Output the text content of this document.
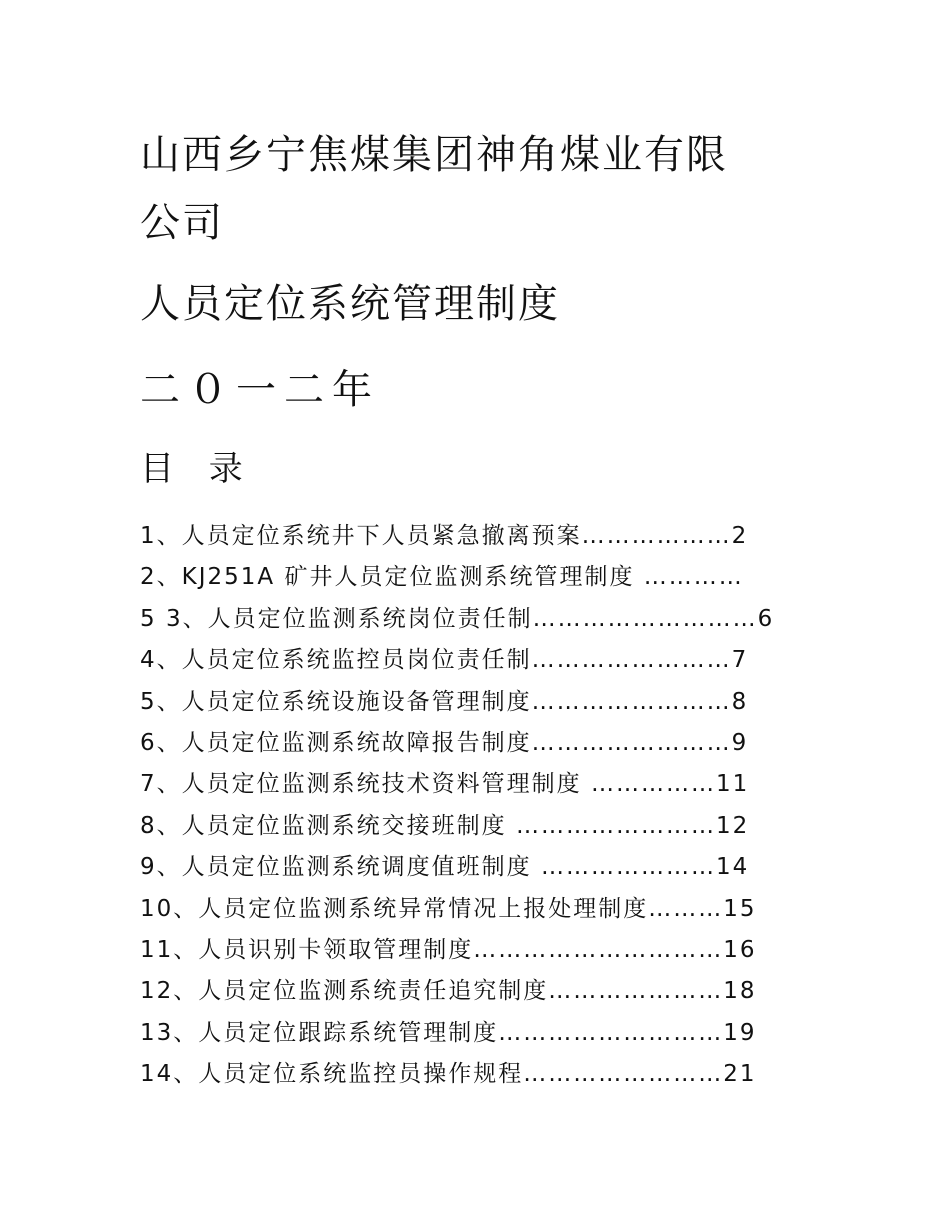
山西乡宁焦煤集团神角煤业有限
公司
人员定位系统管理制度
二０一二年
目 录
1、人员定位系统井下人员紧急撤离预案………………2
2、KJ251A 矿井人员定位监测系统管理制度 …………
5 3、人员定位监测系统岗位责任制………………………6
4、人员定位系统监控员岗位责任制……………………7
5、人员定位系统设施设备管理制度……………………8
6、人员定位监测系统故障报告制度……………………9
7、人员定位监测系统技术资料管理制度 ……………11
8、人员定位监测系统交接班制度 ……………………12
9、人员定位监测系统调度值班制度 …………………14
10、人员定位监测系统异常情况上报处理制度………15
11、人员识别卡领取管理制度…………………………16
12、人员定位监测系统责任追究制度…………………18
13、人员定位跟踪系统管理制度………………………19
14、人员定位系统监控员操作规程……………………21
